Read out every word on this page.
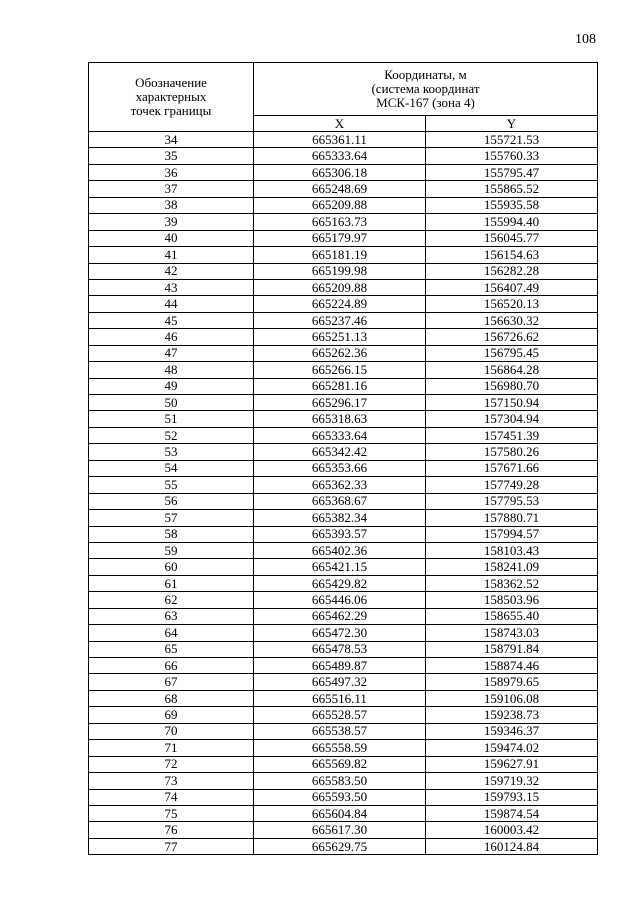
108
Обозначение
характерных
точек границы	Координаты, м
(система координат
МСК-167 (зона 4)	

	X	Y
34	665361.11	155721.53
35	665333.64	155760.33
36	665306.18	155795.47
37	665248.69	155865.52
38	665209.88	155935.58
39	665163.73	155994.40
40	665179.97	156045.77
41	665181.19	156154.63
42	665199.98	156282.28
43	665209.88	156407.49
44	665224.89	156520.13
45	665237.46	156630.32
46	665251.13	156726.62
47	665262.36	156795.45
48	665266.15	156864.28
49	665281.16	156980.70
50	665296.17	157150.94
51	665318.63	157304.94
52	665333.64	157451.39
53	665342.42	157580.26
54	665353.66	157671.66
55	665362.33	157749.28
56	665368.67	157795.53
57	665382.34	157880.71
58	665393.57	157994.57
59	665402.36	158103.43
60	665421.15	158241.09
61	665429.82	158362.52
62	665446.06	158503.96
63	665462.29	158655.40
64	665472.30	158743.03
65	665478.53	158791.84
66	665489.87	158874.46
67	665497.32	158979.65
68	665516.11	159106.08
69	665528.57	159238.73
70	665538.57	159346.37
71	665558.59	159474.02
72	665569.82	159627.91
73	665583.50	159719.32
74	665593.50	159793.15
75	665604.84	159874.54
76	665617.30	160003.42
77	665629.75	160124.84
